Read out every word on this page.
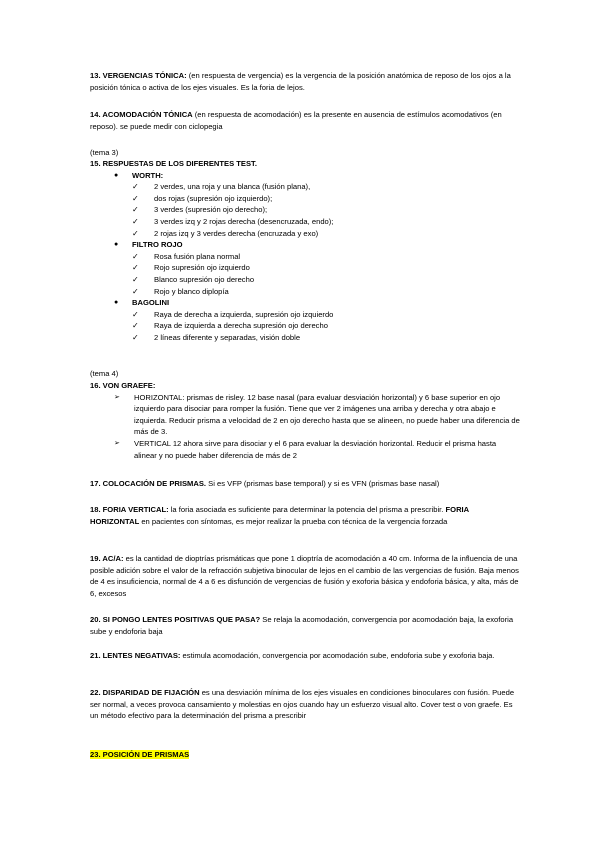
13. VERGENCIAS TÓNICA: (en respuesta de vergencia) es la vergencia de la posición anatómica de reposo de los ojos a la posición tónica o activa de los ejes visuales. Es la foria de lejos.

14. ACOMODACIÓN TÓNICA (en respuesta de acomodación) es la presente en ausencia de estímulos acomodativos (en reposo). se puede medir con ciclopegia

(tema 3)

15. RESPUESTAS DE LOS DIFERENTES TEST.
● WORTH:
✓ 2 verdes, una roja y una blanca (fusión plana),
✓ dos rojas (supresión ojo izquierdo);
✓ 3 verdes (supresión ojo derecho);
✓ 3 verdes izq y 2 rojas derecha (desencruzada, endo);
✓ 2 rojas izq y 3 verdes derecha (encruzada y exo)
● FILTRO ROJO
✓ Rosa fusión plana normal
✓ Rojo supresión ojo izquierdo
✓ Blanco supresión ojo derecho
✓ Rojo y blanco diplopía
● BAGOLINI
✓ Raya de derecha a izquierda, supresión ojo izquierdo
✓ Raya de izquierda a derecha supresión ojo derecho
✓ 2 líneas diferente y separadas, visión doble

(tema 4)

16. VON GRAEFE:
➢ HORIZONTAL: prismas de risley. 12 base nasal (para evaluar desviación horizontal) y 6 base superior en ojo izquierdo para disociar para romper la fusión. Tiene que ver 2 imágenes una arriba y derecha y otra abajo e izquierda. Reducir prisma a velocidad de 2 en ojo derecho hasta que se alineen, no puede haber una diferencia de más de 3.
➢ VERTICAL 12 ahora sirve para disociar y el 6 para evaluar la desviación horizontal. Reducir el prisma hasta alinear y no puede haber diferencia de más de 2

17. COLOCACIÓN DE PRISMAS. Si es VFP (prismas base temporal) y si es VFN (prismas base nasal)

18. FORIA VERTICAL: la foria asociada es suficiente para determinar la potencia del prisma a prescribir. FORIA HORIZONTAL en pacientes con síntomas, es mejor realizar la prueba con técnica de la vergencia forzada

19. AC/A: es la cantidad de dioptrías prismáticas que pone 1 dioptría de acomodación a 40 cm. Informa de la influencia de una posible adición sobre el valor de la refracción subjetiva binocular de lejos en el cambio de las vergencias de fusión. Baja menos de 4 es insuficiencia, normal de 4 a 6 es disfunción de vergencias de fusión y exoforia básica y endoforia básica, y alta, más de 6, excesos

20. SI PONGO LENTES POSITIVAS QUE PASA? Se relaja la acomodación, convergencia por acomodación baja, la exoforia sube y endoforia baja

21. LENTES NEGATIVAS: estimula acomodación, convergencia por acomodación sube, endoforia sube y exoforia baja.

22. DISPARIDAD DE FIJACIÓN es una desviación mínima de los ejes visuales en condiciones binoculares con fusión. Puede ser normal, a veces provoca cansamiento y molestias en ojos cuando hay un esfuerzo visual alto. Cover test o von graefe. Es un método efectivo para la determinación del prisma a prescribir

23. POSICIÓN DE PRISMAS
